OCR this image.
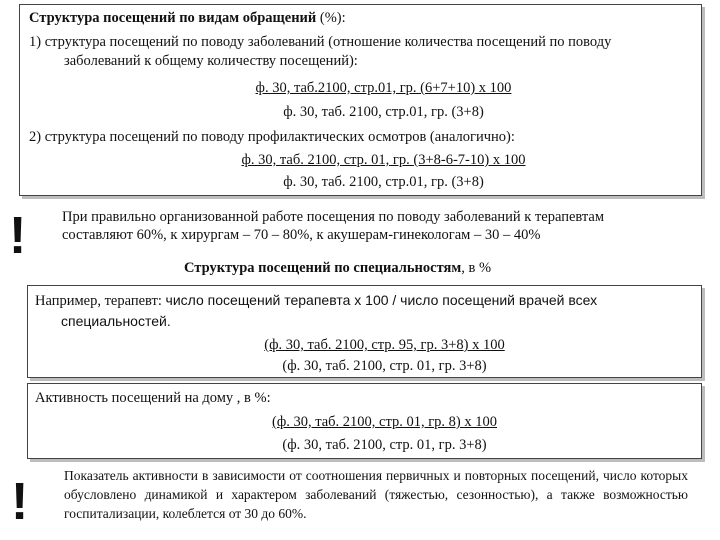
Структура посещений по видам обращений (%):
1) структура посещений по поводу заболеваний (отношение количества посещений по поводу
заболеваний к общему количеству посещений):
ф. 30, таб.2100, стр.01, гр. (6+7+10) х 100
ф. 30, таб. 2100, стр.01, гр. (3+8)
2) структура посещений по поводу профилактических осмотров (аналогично):
ф. 30, таб. 2100, стр. 01, гр. (3+8-6-7-10) х 100
ф. 30, таб. 2100, стр.01, гр. (3+8)
! При правильно организованной работе посещения по поводу заболеваний к терапевтам
составляют 60%, к хирургам – 70 – 80%, к акушерам-гинекологам – 30 – 40%
Структура посещений по специальностям, в %
Например, терапевт: число посещений терапевта х 100 / число посещений врачей всех
специальностей.
(ф. 30, таб. 2100, стр. 95, гр. 3+8) х 100
(ф. 30, таб. 2100, стр. 01, гр. 3+8)
Активность посещений на дому , в %:
(ф. 30, таб. 2100, стр. 01, гр. 8) х 100
(ф. 30, таб. 2100, стр. 01, гр. 3+8)
!	Показатель активности в зависимости от соотношения первичных и повторных посещений, число которых обусловлено динамикой и характером заболеваний (тяжестью, сезонностью), а также возможностью госпитализации, колеблется от 30 до 60%.
